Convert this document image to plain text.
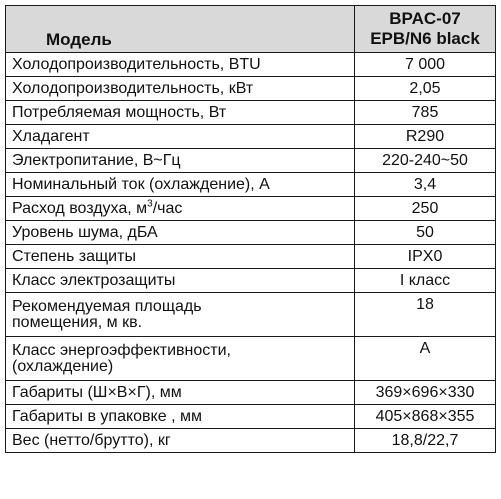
Модель	BPAC-07
EPB/N6 black

Холодопроизводительность, BTU	7 000
Холодопроизводительность, кВт	2,05
Потребляемая мощность, Вт	785
Хладагент	R290
Электропитание, В~Гц	220-240~50
Номинальный ток (охлаждение), А	3,4
Расход воздуха, $м^3$/час	250
Уровень шума, дБА	50
Степень защиты	IPX0
Класс электрозащиты	I класс
Рекомендуемая площадь
помещения, м кв.	18
Класс энергоэффективности,
(охлаждение)	А
Габариты (Ш×В×Г), мм	369×696×330
Габариты в упаковке , мм	405×868×355
Вес (нетто/брутто), кг	18,8/22,7
